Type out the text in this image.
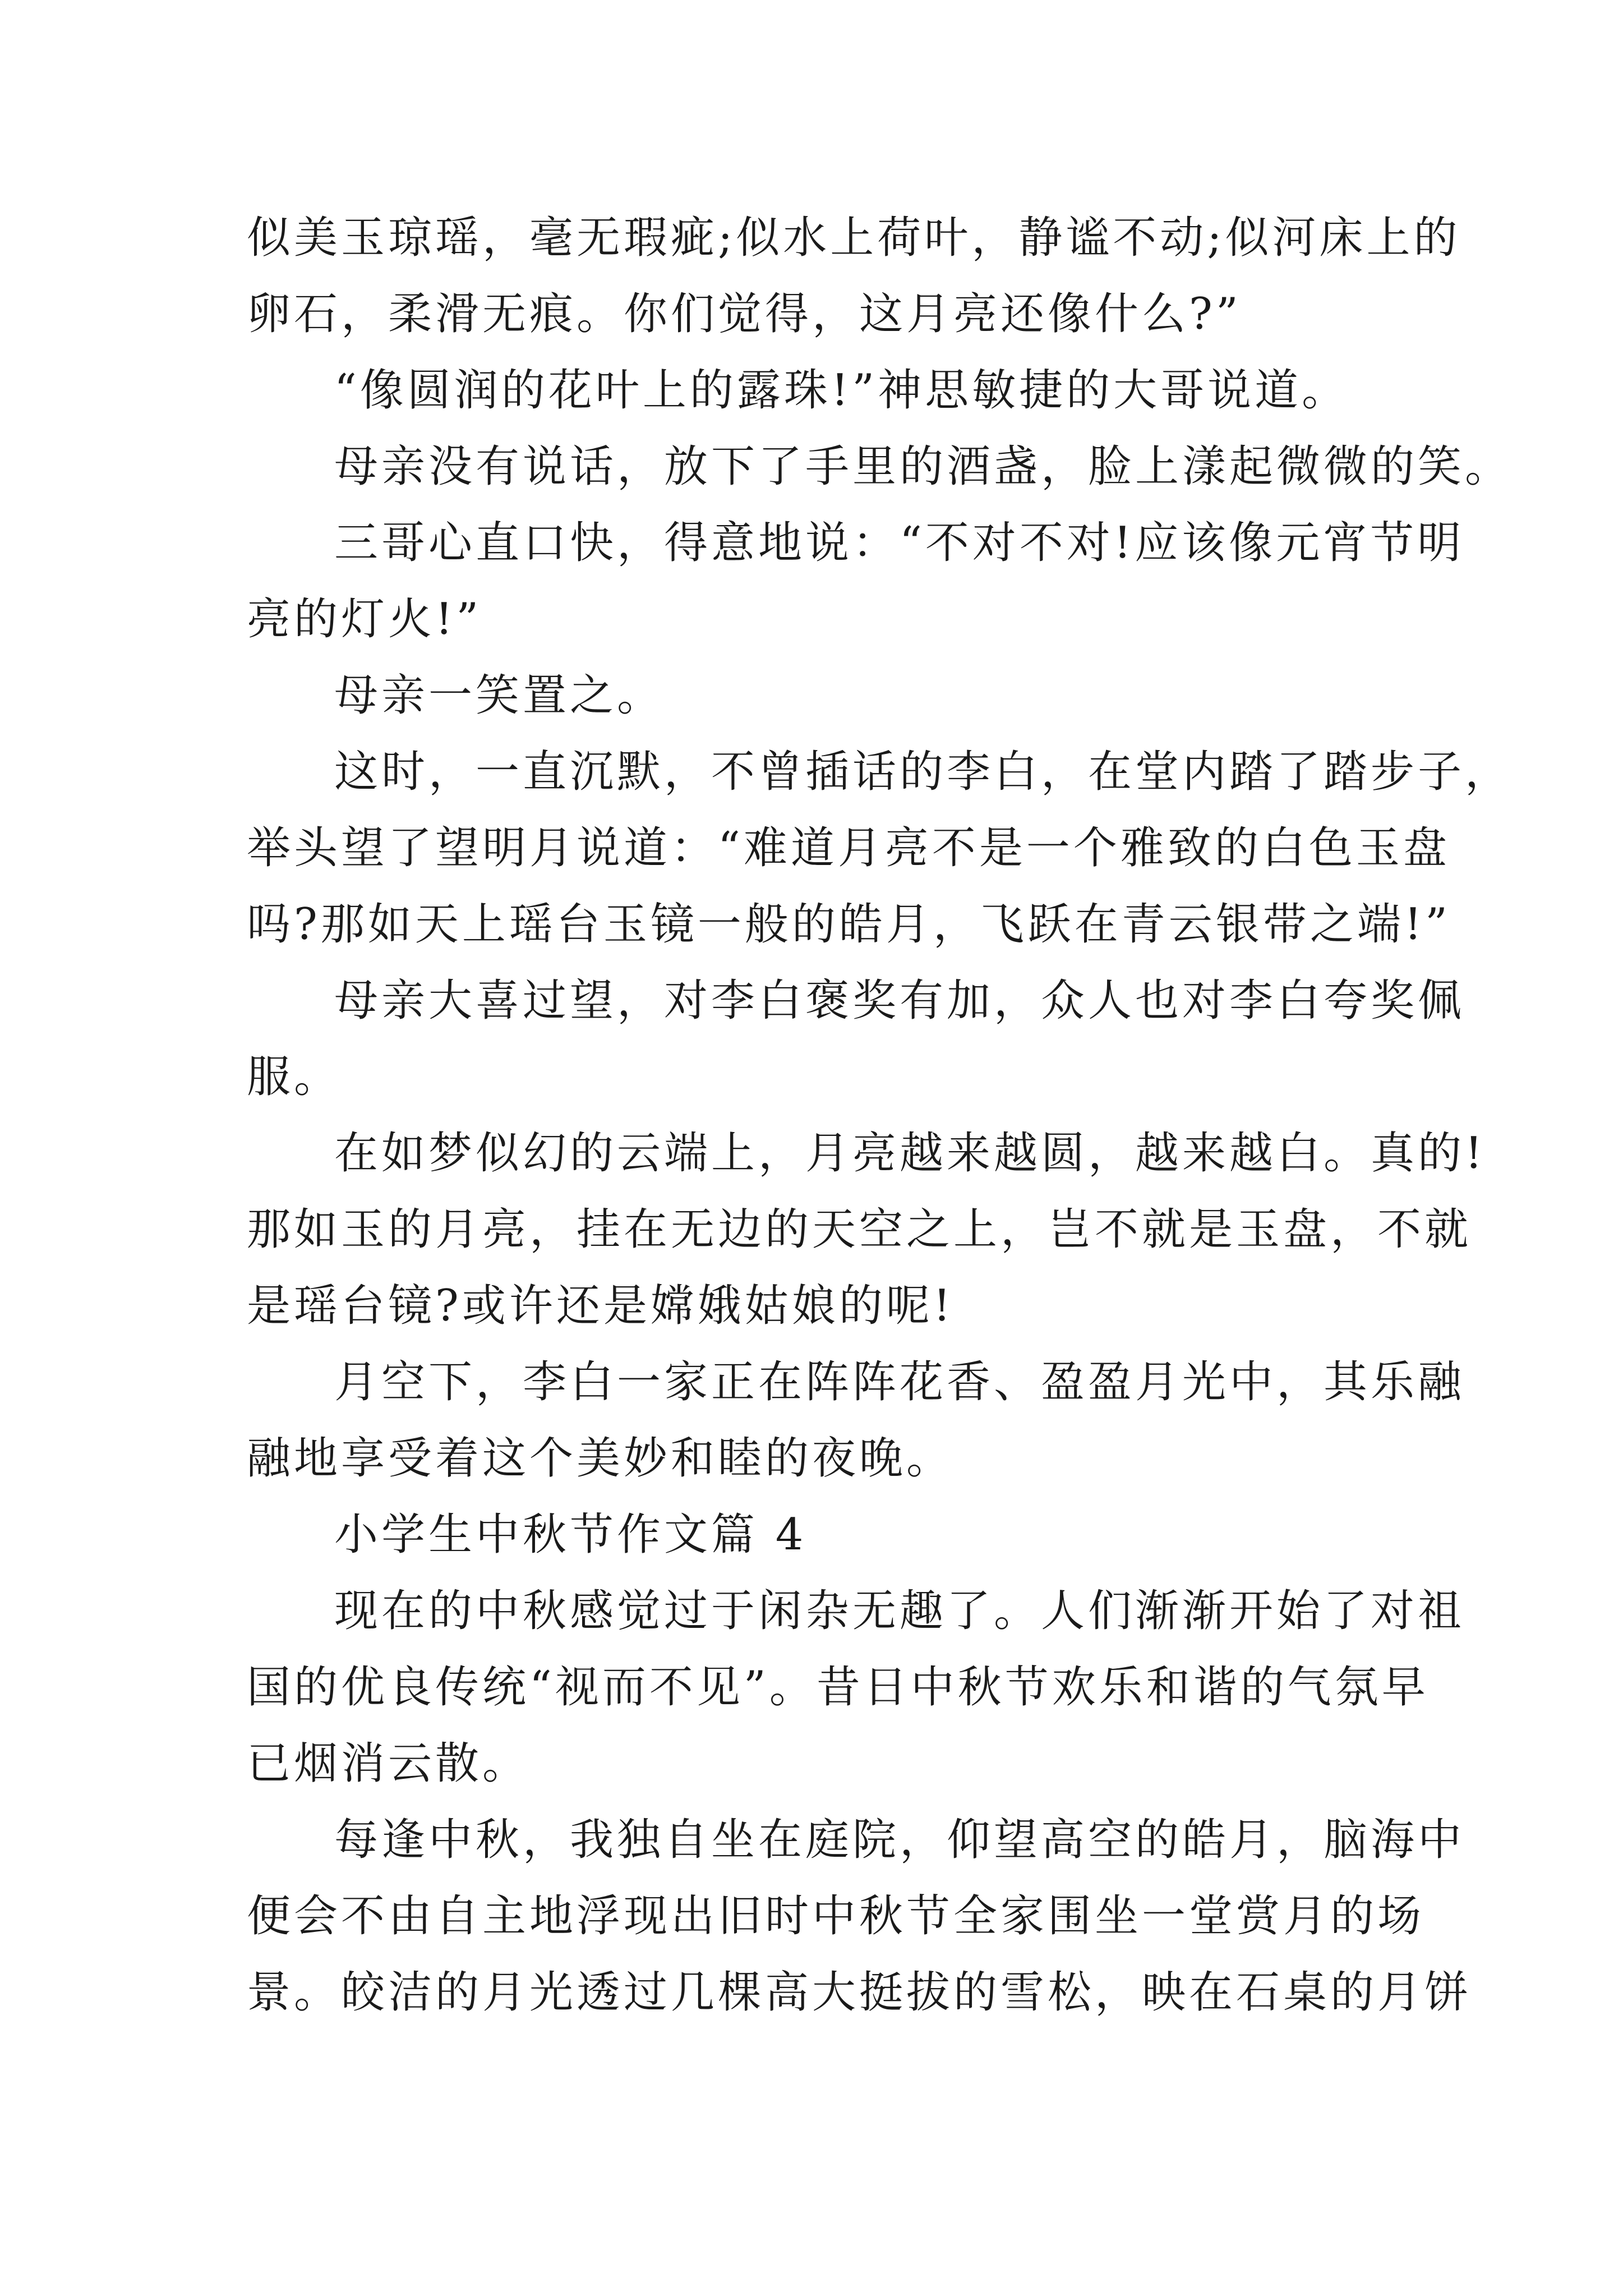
似美玉琼瑶，毫无瑕疵;似水上荷叶，静谧不动;似河床上的
卵石，柔滑无痕。你们觉得，这月亮还像什么?”
“像圆润的花叶上的露珠!”神思敏捷的大哥说道。
母亲没有说话，放下了手里的酒盏，脸上漾起微微的笑。
三哥心直口快，得意地说：“不对不对!应该像元宵节明
亮的灯火!”
母亲一笑置之。
这时，一直沉默，不曾插话的李白，在堂内踏了踏步子，
举头望了望明月说道：“难道月亮不是一个雅致的白色玉盘
吗?那如天上瑶台玉镜一般的皓月，飞跃在青云银带之端!”
母亲大喜过望，对李白褒奖有加，众人也对李白夸奖佩
服。
在如梦似幻的云端上，月亮越来越圆，越来越白。真的!
那如玉的月亮，挂在无边的天空之上，岂不就是玉盘，不就
是瑶台镜?或许还是嫦娥姑娘的呢!
月空下，李白一家正在阵阵花香、盈盈月光中，其乐融
融地享受着这个美妙和睦的夜晚。
小学生中秋节作文篇 4
现在的中秋感觉过于闲杂无趣了。人们渐渐开始了对祖
国的优良传统“视而不见”。昔日中秋节欢乐和谐的气氛早
已烟消云散。
每逢中秋，我独自坐在庭院，仰望高空的皓月，脑海中
便会不由自主地浮现出旧时中秋节全家围坐一堂赏月的场
景。皎洁的月光透过几棵高大挺拔的雪松，映在石桌的月饼
